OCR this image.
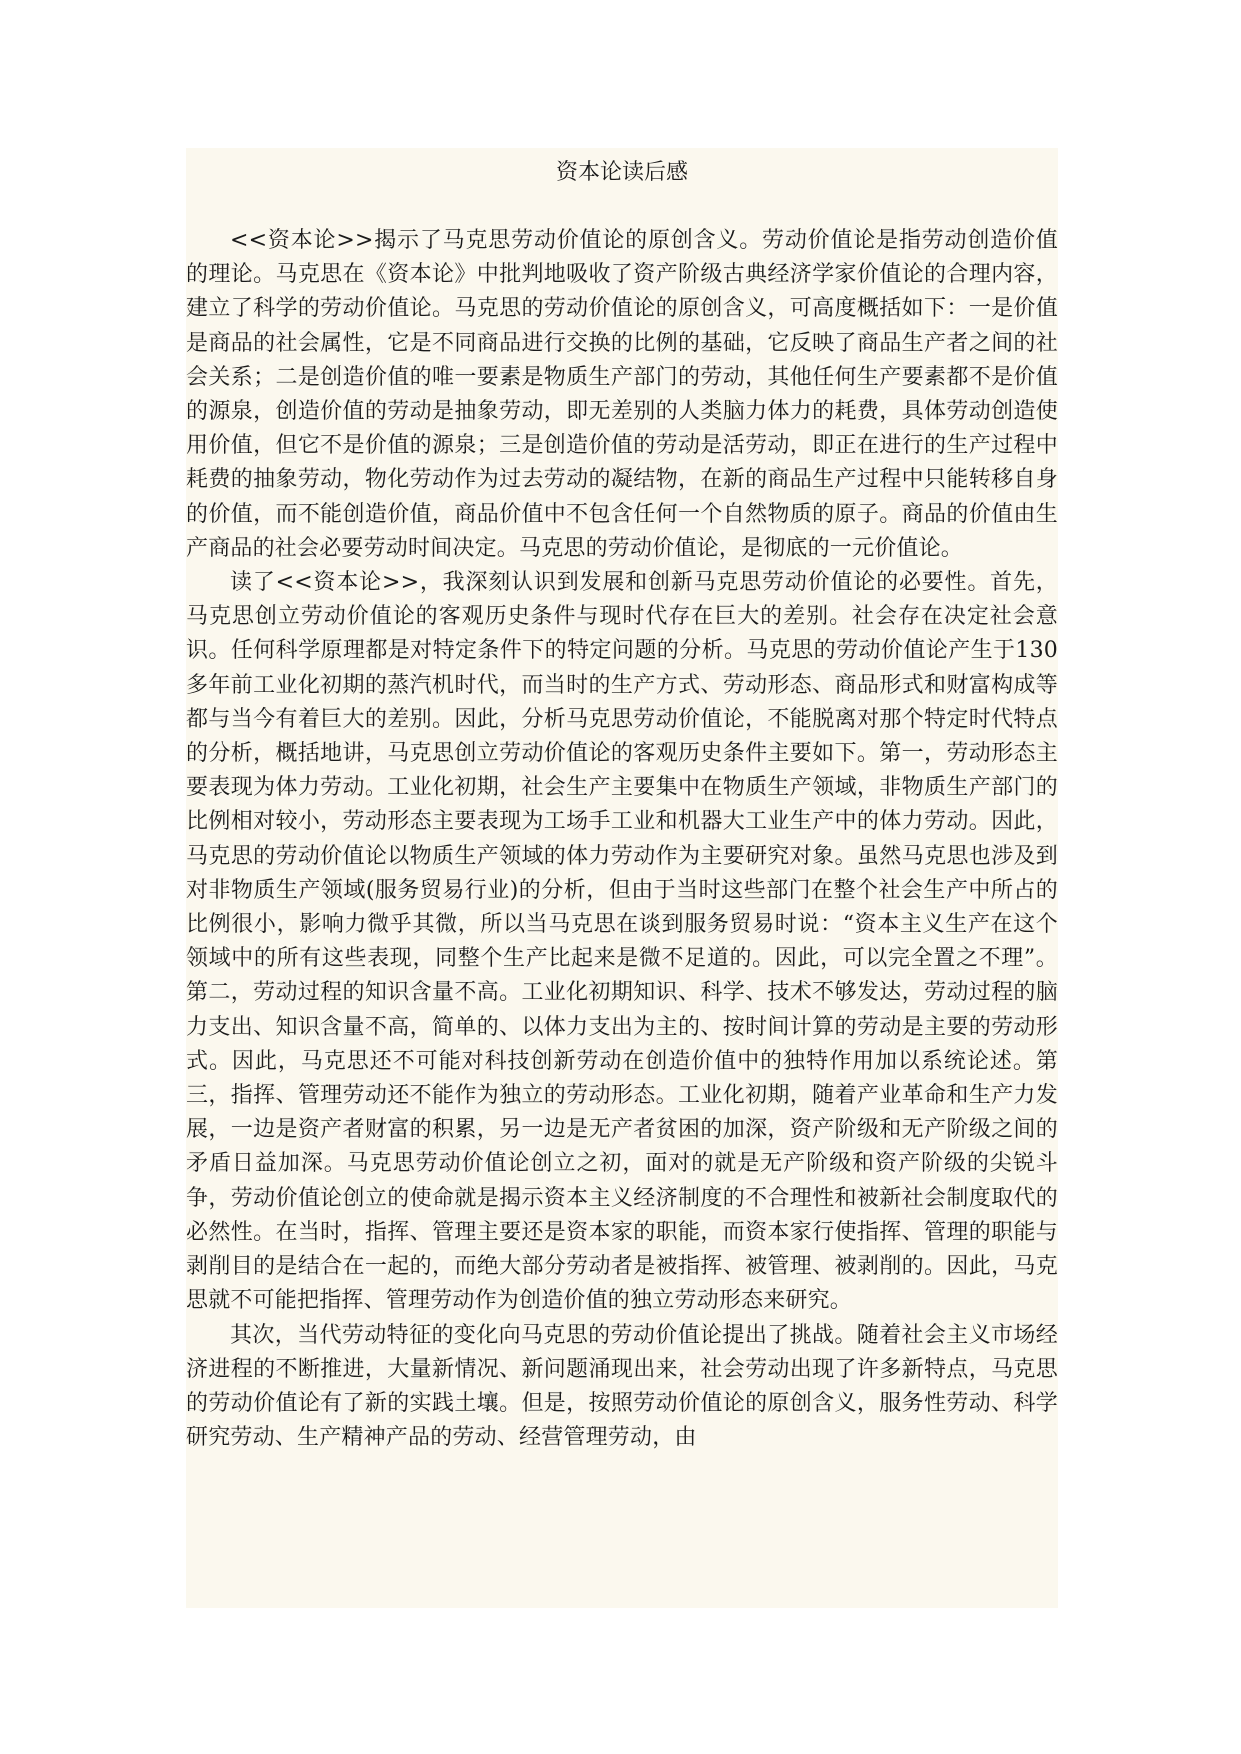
资本论读后感

<<资本论>>揭示了马克思劳动价值论的原创含义。劳动价值论是指劳动创造价值的理论。马克思在《资本论》中批判地吸收了资产阶级古典经济学家价值论的合理内容，建立了科学的劳动价值论。马克思的劳动价值论的原创含义，可高度概括如下：一是价值是商品的社会属性，它是不同商品进行交换的比例的基础，它反映了商品生产者之间的社会关系；二是创造价值的唯一要素是物质生产部门的劳动，其他任何生产要素都不是价值的源泉，创造价值的劳动是抽象劳动，即无差别的人类脑力体力的耗费，具体劳动创造使用价值，但它不是价值的源泉；三是创造价值的劳动是活劳动，即正在进行的生产过程中耗费的抽象劳动，物化劳动作为过去劳动的凝结物，在新的商品生产过程中只能转移自身的价值，而不能创造价值，商品价值中不包含任何一个自然物质的原子。商品的价值由生产商品的社会必要劳动时间决定。马克思的劳动价值论，是彻底的一元价值论。

读了<<资本论>>，我深刻认识到发展和创新马克思劳动价值论的必要性。首先， 马克思创立劳动价值论的客观历史条件与现时代存在巨大的差别。社会存在决定社会意识。任何科学原理都是对特定条件下的特定问题的分析。马克思的劳动价值论产生于130多年前工业化初期的蒸汽机时代，而当时的生产方式、劳动形态、商品形式和财富构成等都与当今有着巨大的差别。因此，分析马克思劳动价值论，不能脱离对那个特定时代特点的分析，概括地讲，马克思创立劳动价值论的客观历史条件主要如下。第一，劳动形态主要表现为体力劳动。工业化初期，社会生产主要集中在物质生产领域，非物质生产部门的比例相对较小，劳动形态主要表现为工场手工业和机器大工业生产中的体力劳动。因此，马克思的劳动价值论以物质生产领域的体力劳动作为主要研究对象。虽然马克思也涉及到对非物质生产领域(服务贸易行业)的分析，但由于当时这些部门在整个社会生产中所占的比例很小，影响力微乎其微，所以当马克思在谈到服务贸易时说：“资本主义生产在这个领域中的所有这些表现，同整个生产比起来是微不足道的。因此，可以完全置之不理”。第二，劳动过程的知识含量不高。工业化初期知识、科学、技术不够发达，劳动过程的脑力支出、知识含量不高，简单的、以体力支出为主的、按时间计算的劳动是主要的劳动形式。因此，马克思还不可能对科技创新劳动在创造价值中的独特作用加以系统论述。第三，指挥、管理劳动还不能作为独立的劳动形态。工业化初期，随着产业革命和生产力发展，一边是资产者财富的积累，另一边是无产者贫困的加深，资产阶级和无产阶级之间的矛盾日益加深。马克思劳动价值论创立之初，面对的就是无产阶级和资产阶级的尖锐斗争，劳动价值论创立的使命就是揭示资本主义经济制度的不合理性和被新社会制度取代的必然性。在当时，指挥、管理主要还是资本家的职能，而资本家行使指挥、管理的职能与剥削目的是结合在一起的，而绝大部分劳动者是被指挥、被管理、被剥削的。因此，马克思就不可能把指挥、管理劳动作为创造价值的独立劳动形态来研究。

其次，当代劳动特征的变化向马克思的劳动价值论提出了挑战。随着社会主义市场经济进程的不断推进，大量新情况、新问题涌现出来，社会劳动出现了许多新特点，马克思的劳动价值论有了新的实践土壤。但是，按照劳动价值论的原创含义，服务性劳动、科学研究劳动、生产精神产品的劳动、经营管理劳动，由
